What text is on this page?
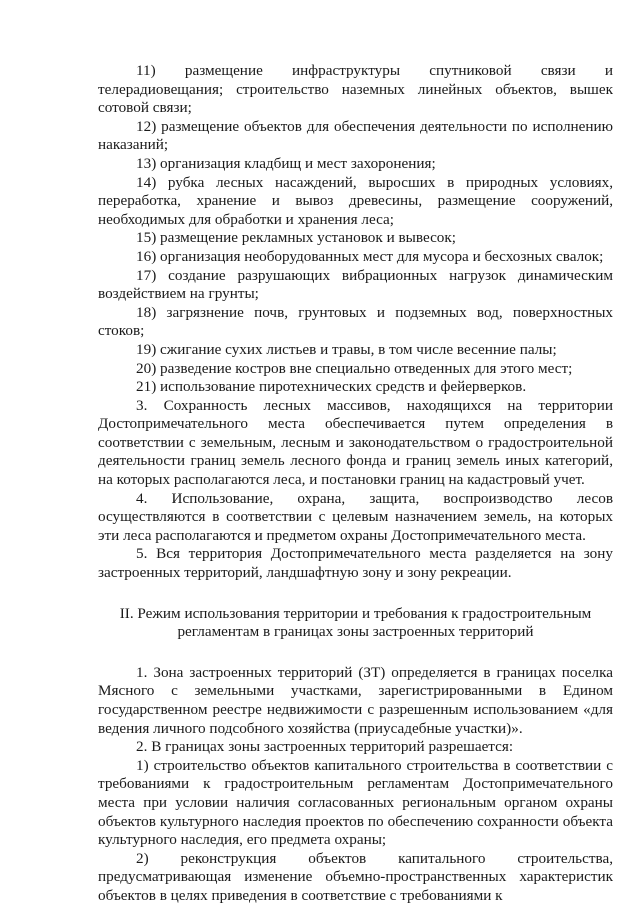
11) размещение инфраструктуры спутниковой связи и телерадиовещания; строительство наземных линейных объектов, вышек сотовой связи;

12) размещение объектов для обеспечения деятельности по исполнению наказаний;

13) организация кладбищ и мест захоронения;

14) рубка лесных насаждений, выросших в природных условиях, переработка, хранение и вывоз древесины, размещение сооружений, необходимых для обработки и хранения леса;

15) размещение рекламных установок и вывесок;

16) организация необорудованных мест для мусора и бесхозных свалок;

17) создание разрушающих вибрационных нагрузок динамическим воздействием на грунты;

18) загрязнение почв, грунтовых и подземных вод, поверхностных стоков;

19) сжигание сухих листьев и травы, в том числе весенние палы;

20) разведение костров вне специально отведенных для этого мест;

21) использование пиротехнических средств и фейерверков.

3. Сохранность лесных массивов, находящихся на территории Достопримечательного места обеспечивается путем определения в соответствии с земельным, лесным и законодательством о градостроительной деятельности границ земель лесного фонда и границ земель иных категорий, на которых располагаются леса, и постановки границ на кадастровый учет.

4. Использование, охрана, защита, воспроизводство лесов осуществляются в соответствии с целевым назначением земель, на которых эти леса располагаются и предметом охраны Достопримечательного места.

5. Вся территория Достопримечательного места разделяется на зону застроенных территорий, ландшафтную зону и зону рекреации.

II. Режим использования территории и требования к градостроительным регламентам в границах зоны застроенных территорий

1. Зона застроенных территорий (ЗТ) определяется в границах поселка Мясного с земельными участками, зарегистрированными в Едином государственном реестре недвижимости с разрешенным использованием «для ведения личного подсобного хозяйства (приусадебные участки)».

2. В границах зоны застроенных территорий разрешается:

1) строительство объектов капитального строительства в соответствии с требованиями к градостроительным регламентам Достопримечательного места при условии наличия согласованных региональным органом охраны объектов культурного наследия проектов по обеспечению сохранности объекта культурного наследия, его предмета охраны;

2) реконструкция объектов капитального строительства, предусматривающая изменение объемно-пространственных характеристик объектов в целях приведения в соответствие с требованиями к
